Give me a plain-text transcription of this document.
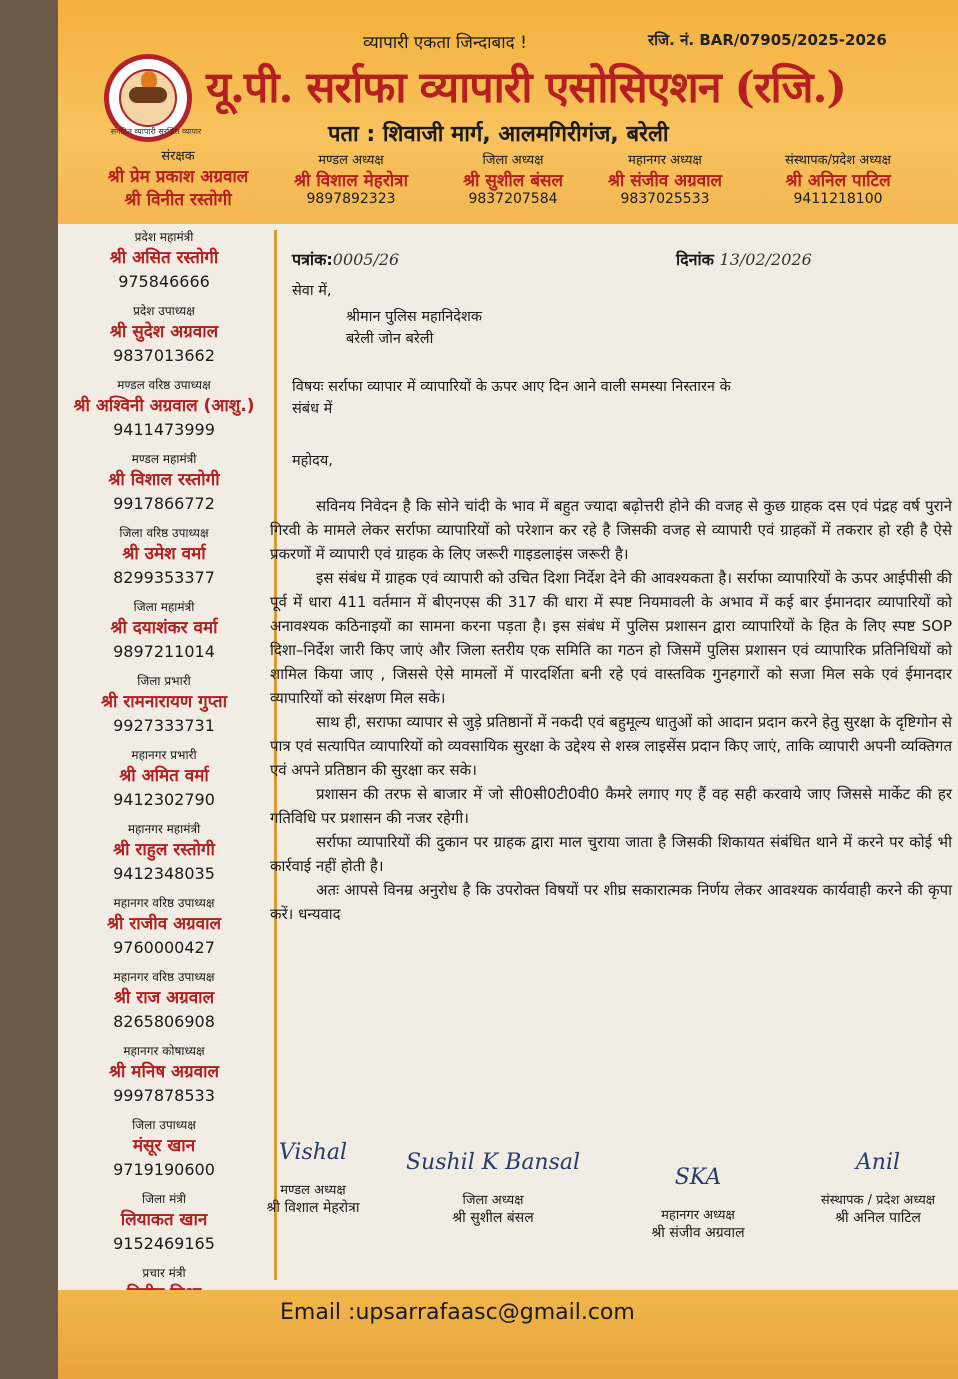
व्यापारी एकता जिन्दाबाद !	रजि. नं. BAR/07905/2025-2026
संगठित व्यापारी सुरक्षित व्यापार
यू.पी. सर्राफा व्यापारी एसोसिएशन (रजि.)
पता : शिवाजी मार्ग, आलमगिरीगंज, बरेली
संरक्षक
श्री प्रेम प्रकाश अग्रवाल
श्री विनीत रस्तोगी
मण्डल अध्यक्ष
श्री विशाल मेहरोत्रा
9897892323
जिला अध्यक्ष
श्री सुशील बंसल
9837207584
महानगर अध्यक्ष
श्री संजीव अग्रवाल
9837025533
संस्थापक/प्रदेश अध्यक्ष
श्री अनिल पाटिल
9411218100
प्रदेश महामंत्री
श्री असित रस्तोगी
975846666
प्रदेश उपाध्यक्ष
श्री सुदेश अग्रवाल
9837013662
मण्डल वरिष्ठ उपाध्यक्ष
श्री अश्विनी अग्रवाल (आशु.)
9411473999
मण्डल महामंत्री
श्री विशाल रस्तोगी
9917866772
जिला वरिष्ठ उपाध्यक्ष
श्री उमेश वर्मा
8299353377
जिला महामंत्री
श्री दयाशंकर वर्मा
9897211014
जिला प्रभारी
श्री रामनारायण गुप्ता
9927333731
महानगर प्रभारी
श्री अमित वर्मा
9412302790
महानगर महामंत्री
श्री राहुल रस्तोगी
9412348035
महानगर वरिष्ठ उपाध्यक्ष
श्री राजीव अग्रवाल
9760000427
महानगर वरिष्ठ उपाध्यक्ष
श्री राज अग्रवाल
8265806908
महानगर कोषाध्यक्ष
श्री मनिष अग्रवाल
9997878533
जिला उपाध्यक्ष
मंसूर खान
9719190600
जिला मंत्री
लियाकत खान
9152469165
प्रचार मंत्री
पत्रांक:0005/26	दिनांक 13/02/2026
सेवा में,
श्रीमान पुलिस महानिदेशक
बरेली जोन बरेली
विषयः सर्राफा व्यापार में व्यापारियों के ऊपर आए दिन आने वाली समस्या निस्तारन के
संबंध में
महोदय,

सविनय निवेदन है कि सोने चांदी के भाव में बहुत ज्यादा बढ़ोत्तरी होने की वजह से कुछ ग्राहक दस एवं पंद्रह वर्ष पुराने गिरवी के मामले लेकर सर्राफा व्यापारियों को परेशान कर रहे है जिसकी वजह से व्यापारी एवं ग्राहकों में तकरार हो रही है ऐसे प्रकरणों में व्यापारी एवं ग्राहक के लिए जरूरी गाइडलाइंस जरूरी है।

इस संबंध में ग्राहक एवं व्यापारी को उचित दिशा निर्देश देने की आवश्यकता है। सर्राफा व्यापारियों के ऊपर आईपीसी की पूर्व में धारा 411 वर्तमान में बीएनएस की 317 की धारा में स्पष्ट नियमावली के अभाव में कई बार ईमानदार व्यापारियों को अनावश्यक कठिनाइयों का सामना करना पड़ता है। इस संबंध में पुलिस प्रशासन द्वारा व्यापारियों के हित के लिए स्पष्ट SOP दिशा–निर्देश जारी किए जाएं और जिला स्तरीय एक समिति का गठन हो जिसमें पुलिस प्रशासन एवं व्यापारिक प्रतिनिधियों को शामिल किया जाए , जिससे ऐसे मामलों में पारदर्शिता बनी रहे एवं वास्तविक गुनहगारों को सजा मिल सके एवं ईमानदार व्यापारियों को संरक्षण मिल सके।

साथ ही, सराफा व्यापार से जुड़े प्रतिष्ठानों में नकदी एवं बहुमूल्य धातुओं को आदान प्रदान करने हेतु सुरक्षा के दृष्टिगोन से पात्र एवं सत्यापित व्यापारियों को व्यवसायिक सुरक्षा के उद्देश्य से शस्त्र लाइसेंस प्रदान किए जाएं, ताकि व्यापारी अपनी व्यक्तिगत एवं अपने प्रतिष्ठान की सुरक्षा कर सके।

प्रशासन की तरफ से बाजार में जो सी0सी0टी0वी0 कैमरे लगाए गए हैं वह सही करवाये जाए जिससे मार्केट की हर गतिविधि पर प्रशासन की नजर रहेगी।

सर्राफा व्यापारियों की दुकान पर ग्राहक द्वारा माल चुराया जाता है जिसकी शिकायत संबंधित थाने में करने पर कोई भी कार्रवाई नहीं होती है।

अतः आपसे विनम्र अनुरोध है कि उपरोक्त विषयों पर शीघ्र सकारात्मक निर्णय लेकर आवश्यक कार्यवाही करने की कृपा करें। धन्यवाद

Vishal
मण्डल अध्यक्ष
श्री विशाल मेहरोत्रा
Sushil K Bansal
जिला अध्यक्ष
श्री सुशील बंसल
SKA
महानगर अध्यक्ष
श्री संजीव अग्रवाल
Anil
संस्थापक / प्रदेश अध्यक्ष
श्री अनिल पाटिल
Email :upsarrafaasc@gmail.com
